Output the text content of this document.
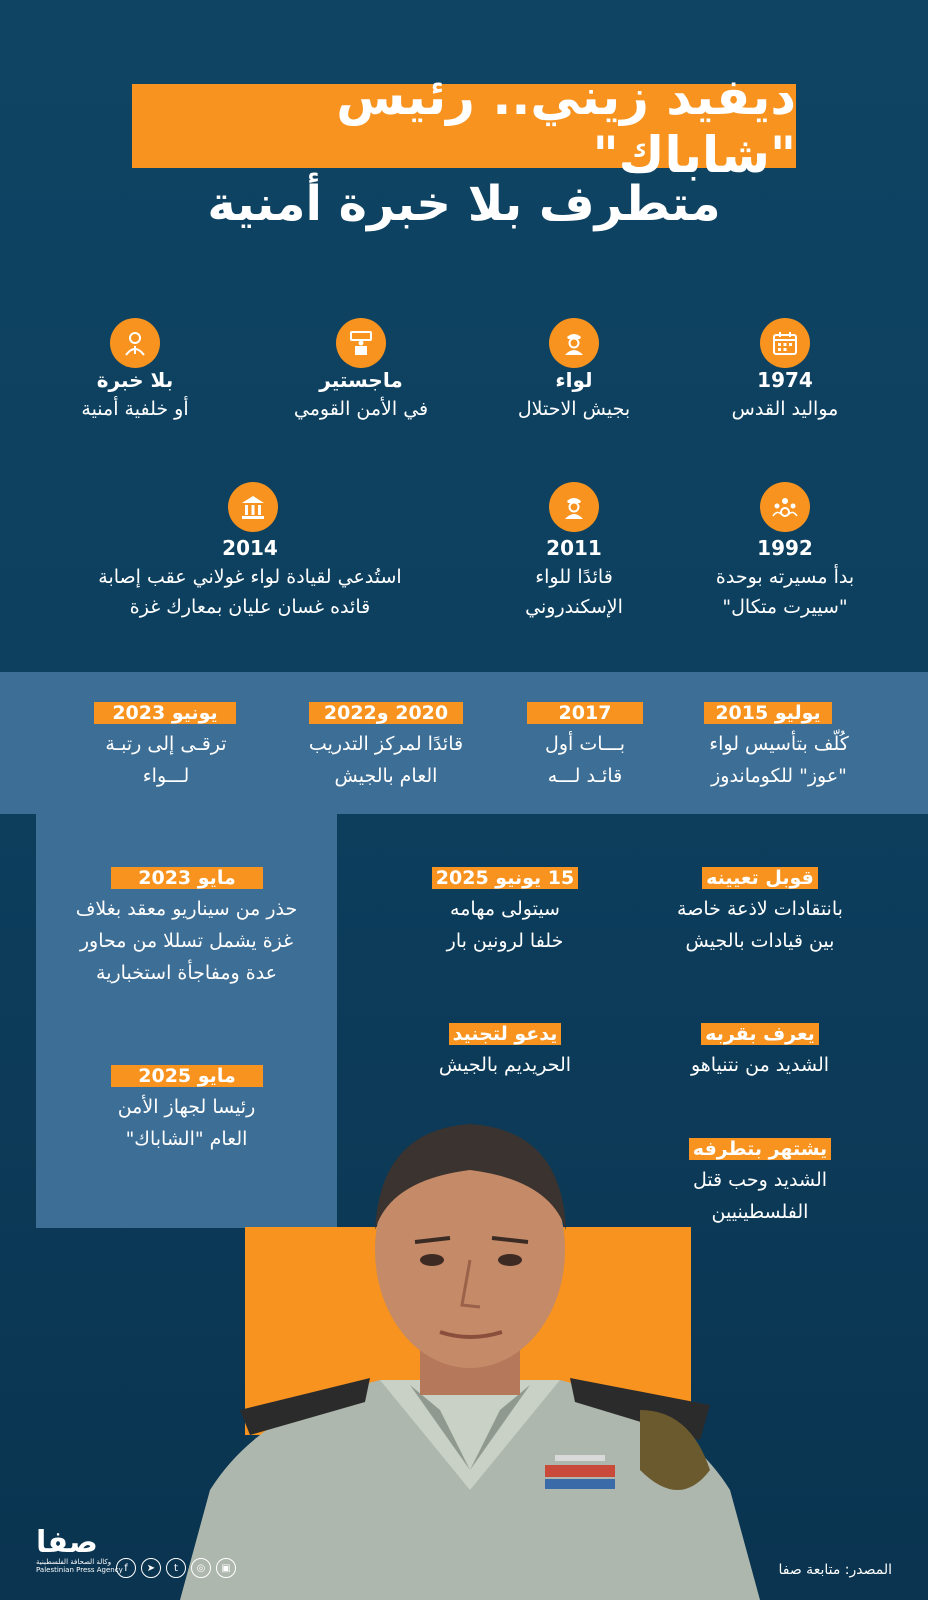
ديفيد زيني.. رئيس "شاباك"
متطرف بلا خبرة أمنية
1974
مواليد القدس
لواء
بجيش الاحتلال
ماجستير
في الأمن القومي
بلا خبرة
أو خلفية أمنية
1992
بدأ مسيرته بوحدة
"سييرت متكال"
2011
قائدًا للواء
الإسكندروني
2014
استُدعي لقيادة لواء غولاني عقب إصابة
قائده غسان عليان بمعارك غزة
يوليو 2015
كُلّف بتأسيس لواء
"عوز" للكوماندوز
2017
بـــات أول
قائـد لـــه
2020 و2022
قائدًا لمركز التدريب
العام بالجيش
يونيو 2023
ترقـى إلى رتبـة
لـــواء
مايو 2023
حذر من سيناريو معقد بغلاف
غزة يشمل تسللا من محاور
عدة ومفاجأة استخبارية
مايو 2025
رئيسا لجهاز الأمن
العام "الشاباك"
15 يونيو 2025
سيتولى مهامه
خلفا لرونين بار
يدعو لتجنيد
الحريديم بالجيش
قوبل تعيينه
بانتقادات لاذعة خاصة
بين قيادات بالجيش
يعرف بقربه
الشديد من نتنياهو
يشتهر بتطرفه
الشديد وحب قتل
الفلسطينيين
صفا
وكالة الصحافة الفلسطينية
Palestinian Press Agency f	➤	t	◎	▣	المصدر: متابعة صفا
